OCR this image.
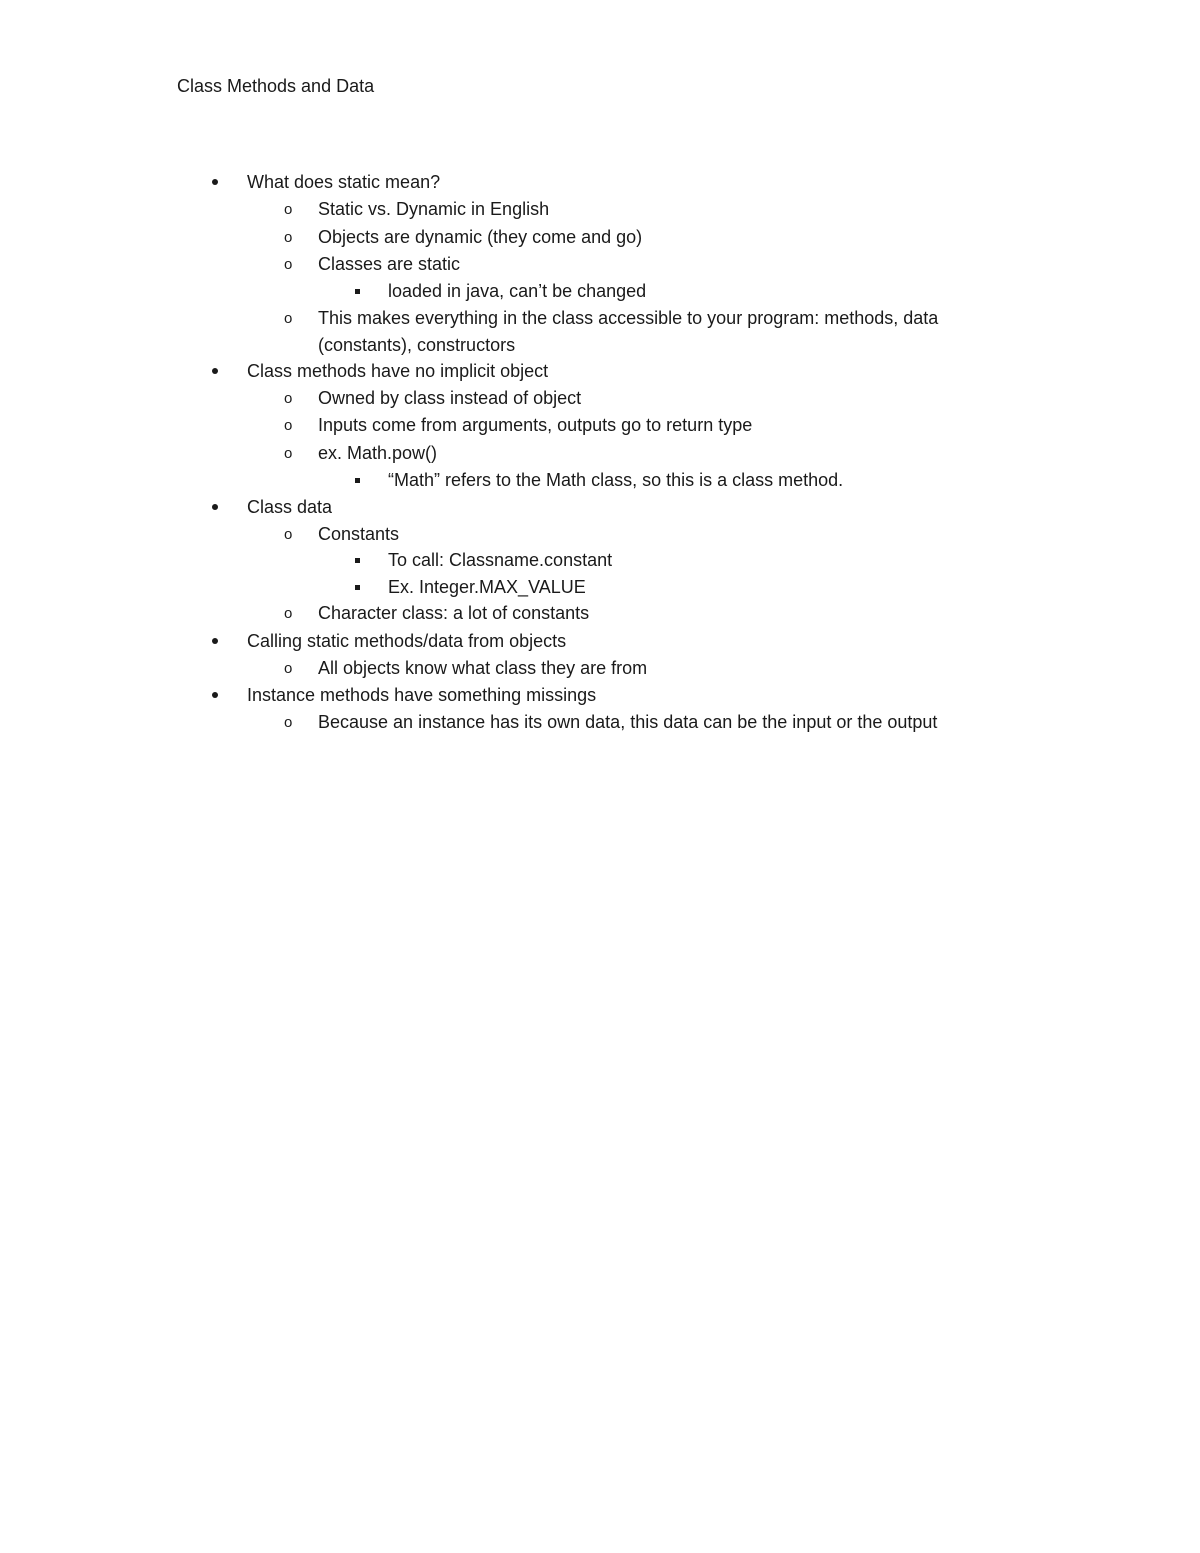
Class Methods and Data
What does static mean?
o Static vs. Dynamic in English
o Objects are dynamic (they come and go)
o Classes are static
loaded in java, can’t be changed
o This makes everything in the class accessible to your program: methods, data
(constants), constructors
Class methods have no implicit object
o Owned by class instead of object
o Inputs come from arguments, outputs go to return type
o ex. Math.pow()
“Math” refers to the Math class, so this is a class method.
Class data
o Constants
To call: Classname.constant
Ex. Integer.MAX_VALUE
o Character class: a lot of constants
Calling static methods/data from objects
o All objects know what class they are from
Instance methods have something missings
o Because an instance has its own data, this data can be the input or the output
